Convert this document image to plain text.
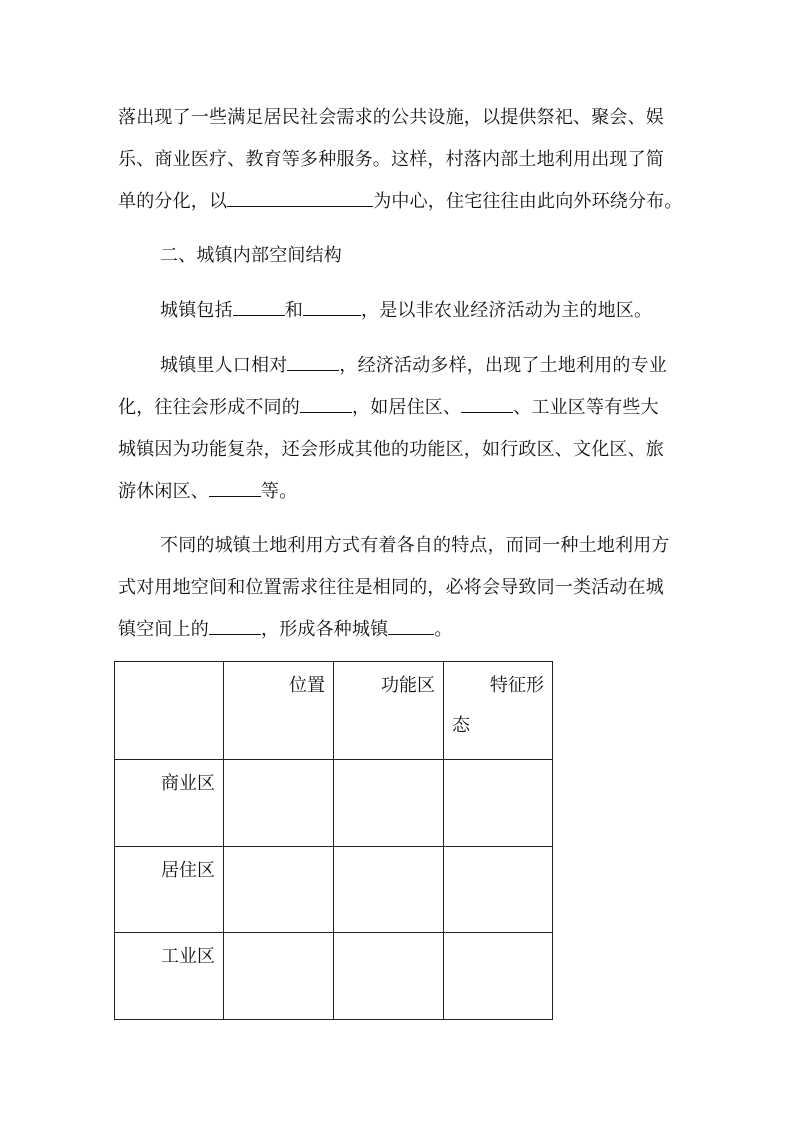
落出现了一些满足居民社会需求的公共设施，以提供祭祀、聚会、娱
乐、商业医疗、教育等多种服务。这样，村落内部土地利用出现了简
单的分化，以	为中心，住宅往往由此向外环绕分布。
二、城镇内部空间结构
城镇包括	和	，是以非农业经济活动为主的地区。
城镇里人口相对	，经济活动多样，出现了土地利用的专业
化，往往会形成不同的	，如居住区、	、工业区等有些大
城镇因为功能复杂，还会形成其他的功能区，如行政区、文化区、旅
游休闲区、	等。
不同的城镇土地利用方式有着各自的特点，而同一种土地利用方
式对用地空间和位置需求往往是相同的，必将会导致同一类活动在城
镇空间上的	，形成各种城镇	。

	位置	功能区	特征形
态

商业区			

居住区			

工业区			
